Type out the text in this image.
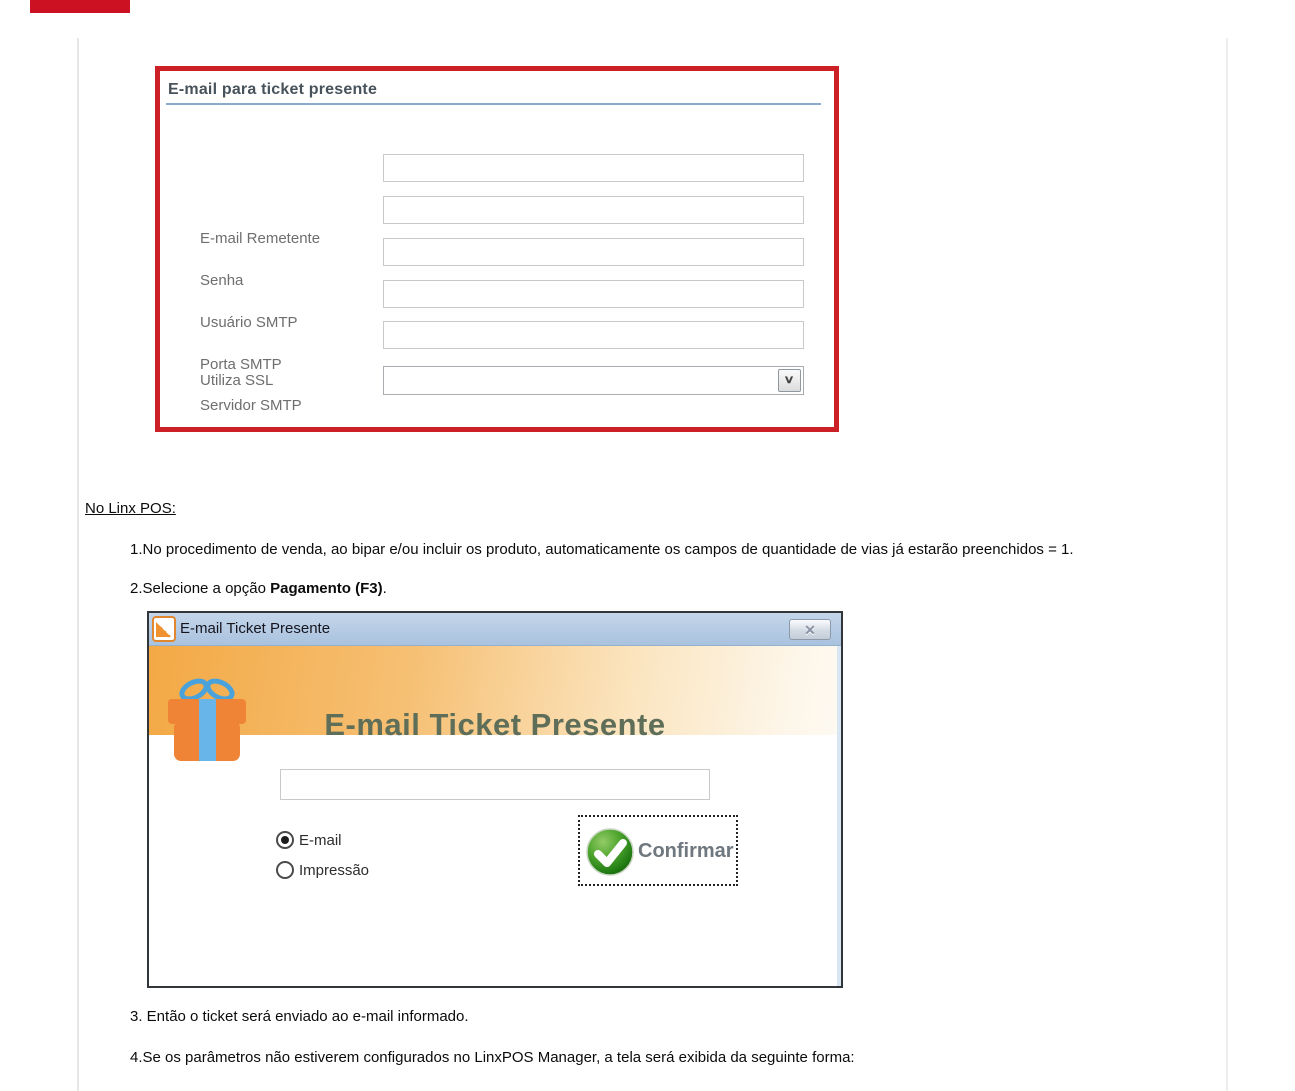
E-mail para ticket presente
E-mail Remetente
Senha
Usuário SMTP
Porta SMTP
Servidor SMTP
Utiliza SSL	∨
No Linx POS:
1.No procedimento de venda, ao bipar e/ou incluir os produto, automaticamente os campos de quantidade de vias já estarão preenchidos = 1.
2.Selecione a opção Pagamento (F3).
E-mail Ticket Presente	✕
E-mail Ticket Presente
E-mail
Impressão
Confirmar
3. Então o ticket será enviado ao e-mail informado.
4.Se os parâmetros não estiverem configurados no LinxPOS Manager, a tela será exibida da seguinte forma:
